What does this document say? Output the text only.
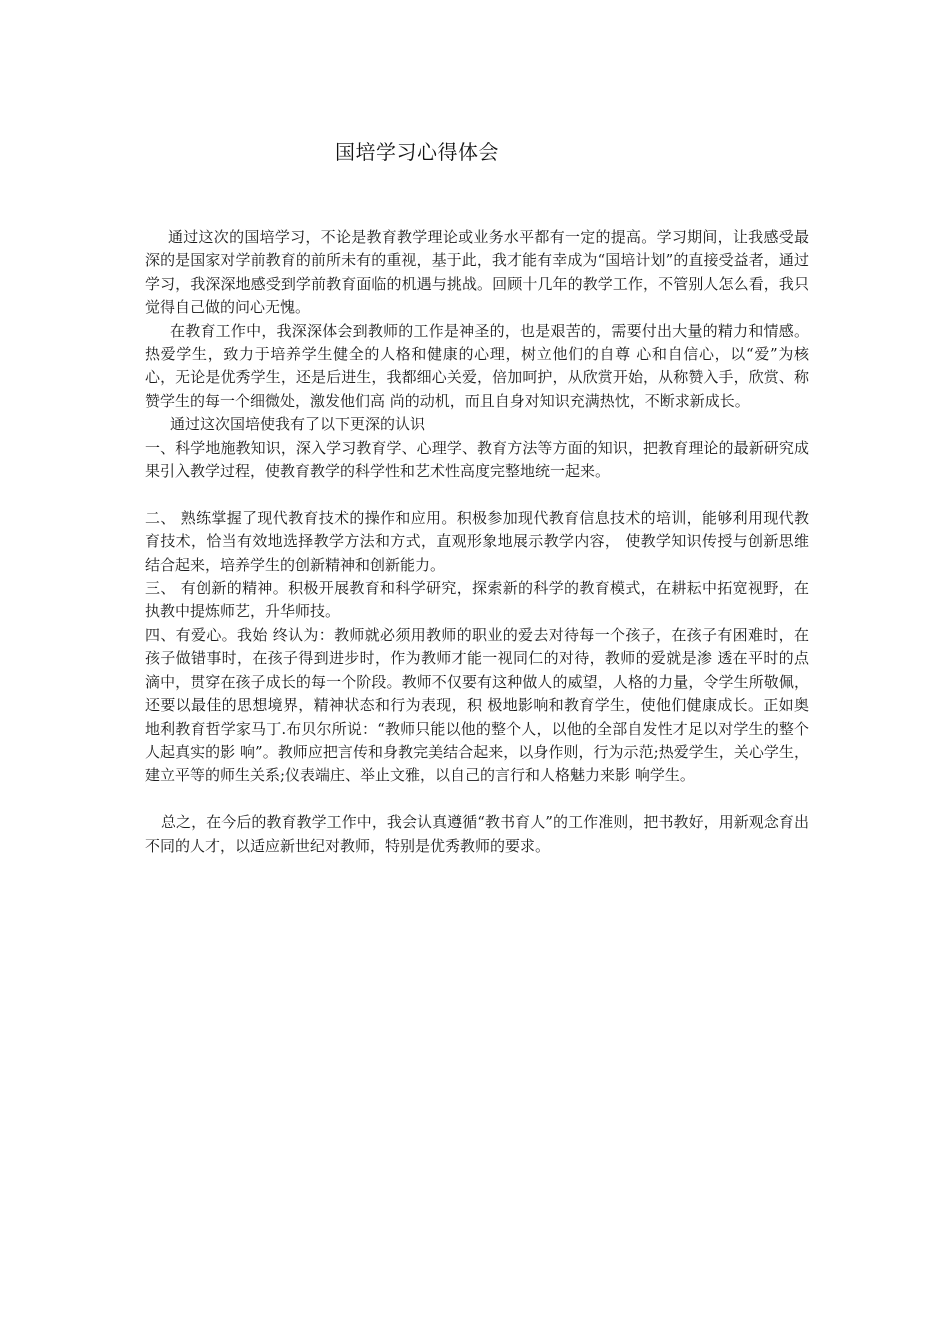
国培学习心得体会

通过这次的国培学习，不论是教育教学理论或业务水平都有一定的提高。学习期间，让我感受最深的是国家对学前教育的前所未有的重视，基于此，我才能有幸成为“国培计划”的直接受益者，通过学习，我深深地感受到学前教育面临的机遇与挑战。回顾十几年的教学工作，不管别人怎么看，我只觉得自己做的问心无愧。

在教育工作中，我深深体会到教师的工作是神圣的，也是艰苦的，需要付出大量的精力和情感。热爱学生，致力于培养学生健全的人格和健康的心理，树立他们的自尊 心和自信心，以“爱”为核心，无论是优秀学生，还是后进生，我都细心关爱，倍加呵护，从欣赏开始，从称赞入手，欣赏、称赞学生的每一个细微处，激发他们高 尚的动机，而且自身对知识充满热忱，不断求新成长。

通过这次国培使我有了以下更深的认识

一、科学地施教知识，深入学习教育学、心理学、教育方法等方面的知识，把教育理论的最新研究成果引入教学过程，使教育教学的科学性和艺术性高度完整地统一起来。

二、 熟练掌握了现代教育技术的操作和应用。积极参加现代教育信息技术的培训，能够利用现代教育技术，恰当有效地选择教学方法和方式，直观形象地展示教学内容， 使教学知识传授与创新思维结合起来，培养学生的创新精神和创新能力。

三、 有创新的精神。积极开展教育和科学研究，探索新的科学的教育模式，在耕耘中拓宽视野，在执教中提炼师艺，升华师技。

四、有爱心。我始 终认为：教师就必须用教师的职业的爱去对待每一个孩子，在孩子有困难时，在孩子做错事时，在孩子得到进步时，作为教师才能一视同仁的对待，教师的爱就是渗 透在平时的点滴中，贯穿在孩子成长的每一个阶段。教师不仅要有这种做人的威望，人格的力量，令学生所敬佩，还要以最佳的思想境界，精神状态和行为表现，积 极地影响和教育学生，使他们健康成长。正如奥地利教育哲学家马丁.布贝尔所说：“教师只能以他的整个人，以他的全部自发性才足以对学生的整个人起真实的影 响”。教师应把言传和身教完美结合起来，以身作则，行为示范;热爱学生，关心学生，建立平等的师生关系;仪表端庄、举止文雅，以自己的言行和人格魅力来影 响学生。

总之，在今后的教育教学工作中，我会认真遵循“教书育人”的工作准则，把书教好，用新观念育出不同的人才，以适应新世纪对教师，特别是优秀教师的要求。
